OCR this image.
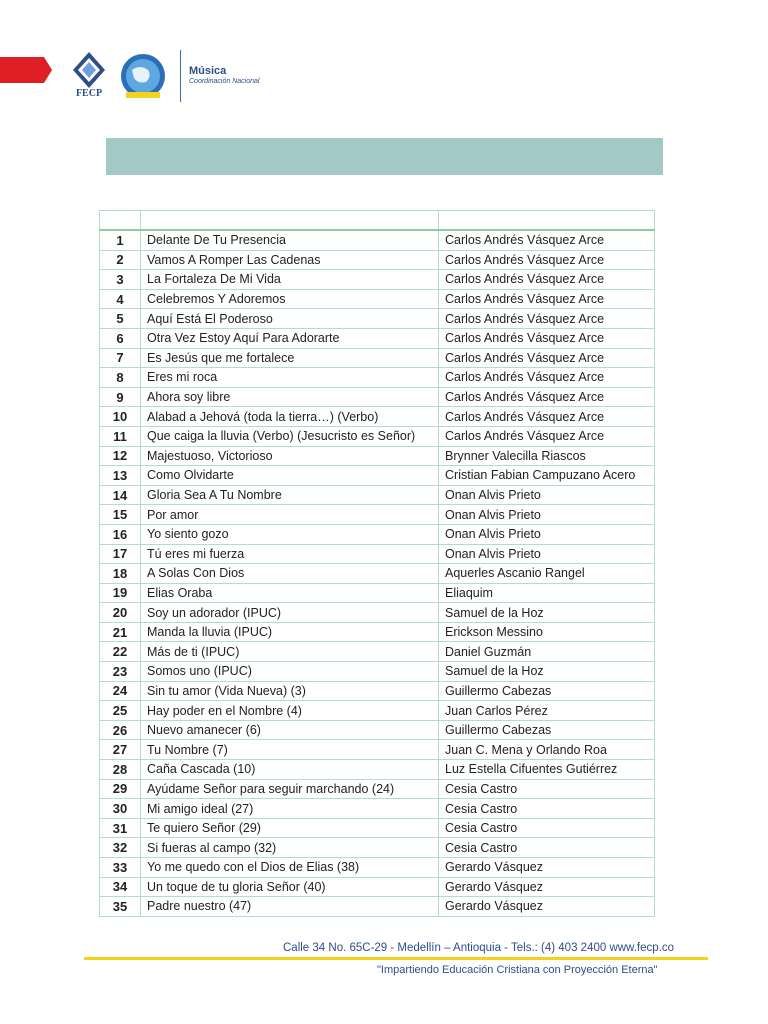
FECP
Música
Coordinación Nacional

1	Delante De Tu Presencia	Carlos Andrés Vásquez Arce
2	Vamos A Romper Las Cadenas	Carlos Andrés Vásquez Arce
3	La Fortaleza De Mi Vida	Carlos Andrés Vásquez Arce
4	Celebremos Y Adoremos	Carlos Andrés Vásquez Arce
5	Aquí Está El Poderoso	Carlos Andrés Vásquez Arce
6	Otra Vez Estoy Aquí Para Adorarte	Carlos Andrés Vásquez Arce
7	Es Jesús que me fortalece	Carlos Andrés Vásquez Arce
8	Eres mi roca	Carlos Andrés Vásquez Arce
9	Ahora soy libre	Carlos Andrés Vásquez Arce
10	Alabad a Jehová (toda la tierra…) (Verbo)	Carlos Andrés Vásquez Arce
11	Que caiga la lluvia (Verbo) (Jesucristo es Señor)	Carlos Andrés Vásquez Arce
12	Majestuoso, Victorioso	Brynner Valecilla Riascos
13	Como Olvidarte	Cristian Fabian Campuzano Acero
14	Gloria Sea A Tu Nombre	Onan Alvis Prieto
15	Por amor	Onan Alvis Prieto
16	Yo siento gozo	Onan Alvis Prieto
17	Tú eres mi fuerza	Onan Alvis Prieto
18	A Solas Con Dios	Aquerles Ascanio Rangel
19	Elias Oraba	Eliaquim
20	Soy un adorador (IPUC)	Samuel de la Hoz
21	Manda la lluvia (IPUC)	Erickson Messino
22	Más de ti (IPUC)	Daniel Guzmán
23	Somos uno (IPUC)	Samuel de la Hoz
24	Sin tu amor (Vida Nueva) (3)	Guillermo Cabezas
25	Hay poder en el Nombre (4)	Juan Carlos Pérez
26	Nuevo amanecer (6)	Guillermo Cabezas
27	Tu Nombre (7)	Juan C. Mena y Orlando Roa
28	Caña Cascada (10)	Luz Estella Cifuentes Gutiérrez
29	Ayúdame Señor para seguir marchando (24)	Cesia Castro
30	Mi amigo ideal (27)	Cesia Castro
31	Te quiero Señor (29)	Cesia Castro
32	Si fueras al campo (32)	Cesia Castro
33	Yo me quedo con el Dios de Elias (38)	Gerardo Vásquez
34	Un toque de tu gloria Señor (40)	Gerardo Vásquez
35	Padre nuestro (47)	Gerardo Vásquez
Calle 34 No. 65C-29 - Medellín – Antioquia - Tels.: (4) 403 2400 www.fecp.co
"Impartiendo Educación Cristiana con Proyección Eterna"
